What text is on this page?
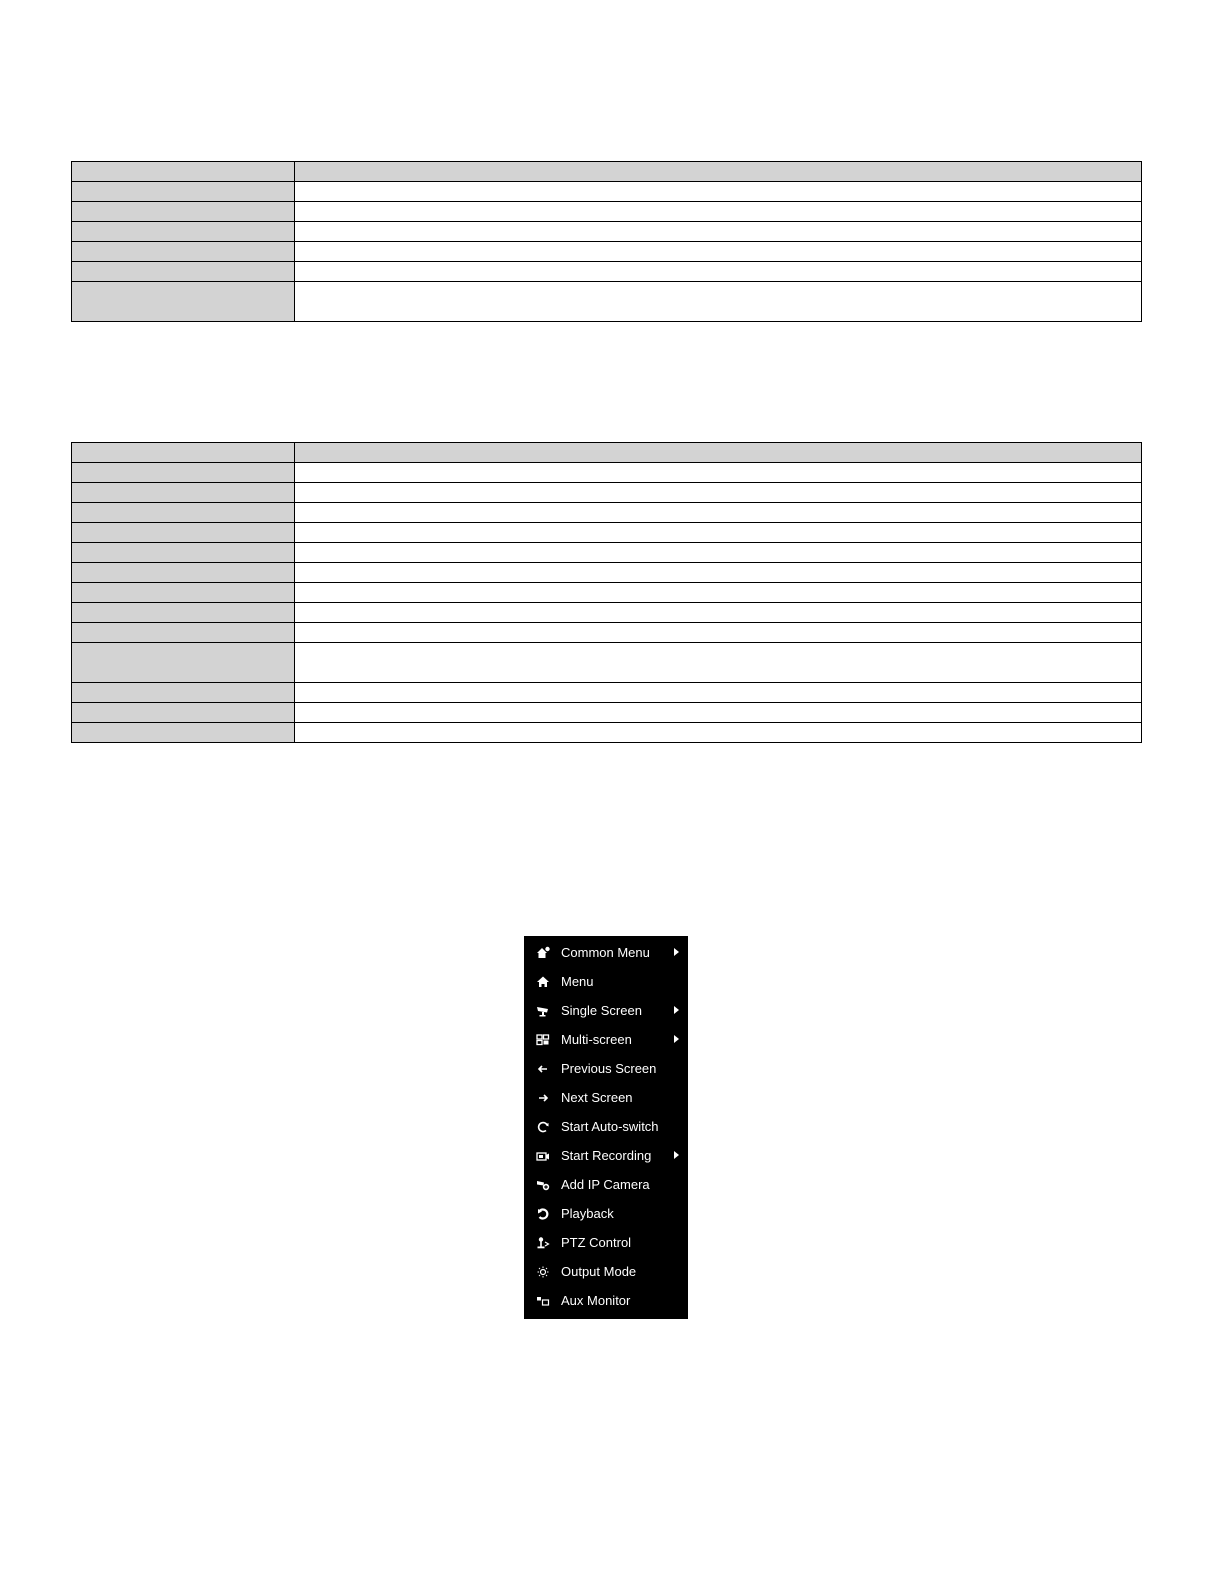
Common Menu
Menu
Single Screen
Multi-screen
Previous Screen
Next Screen
Start Auto-switch
Start Recording
Add IP Camera
Playback
PTZ Control
Output Mode
Aux Monitor
